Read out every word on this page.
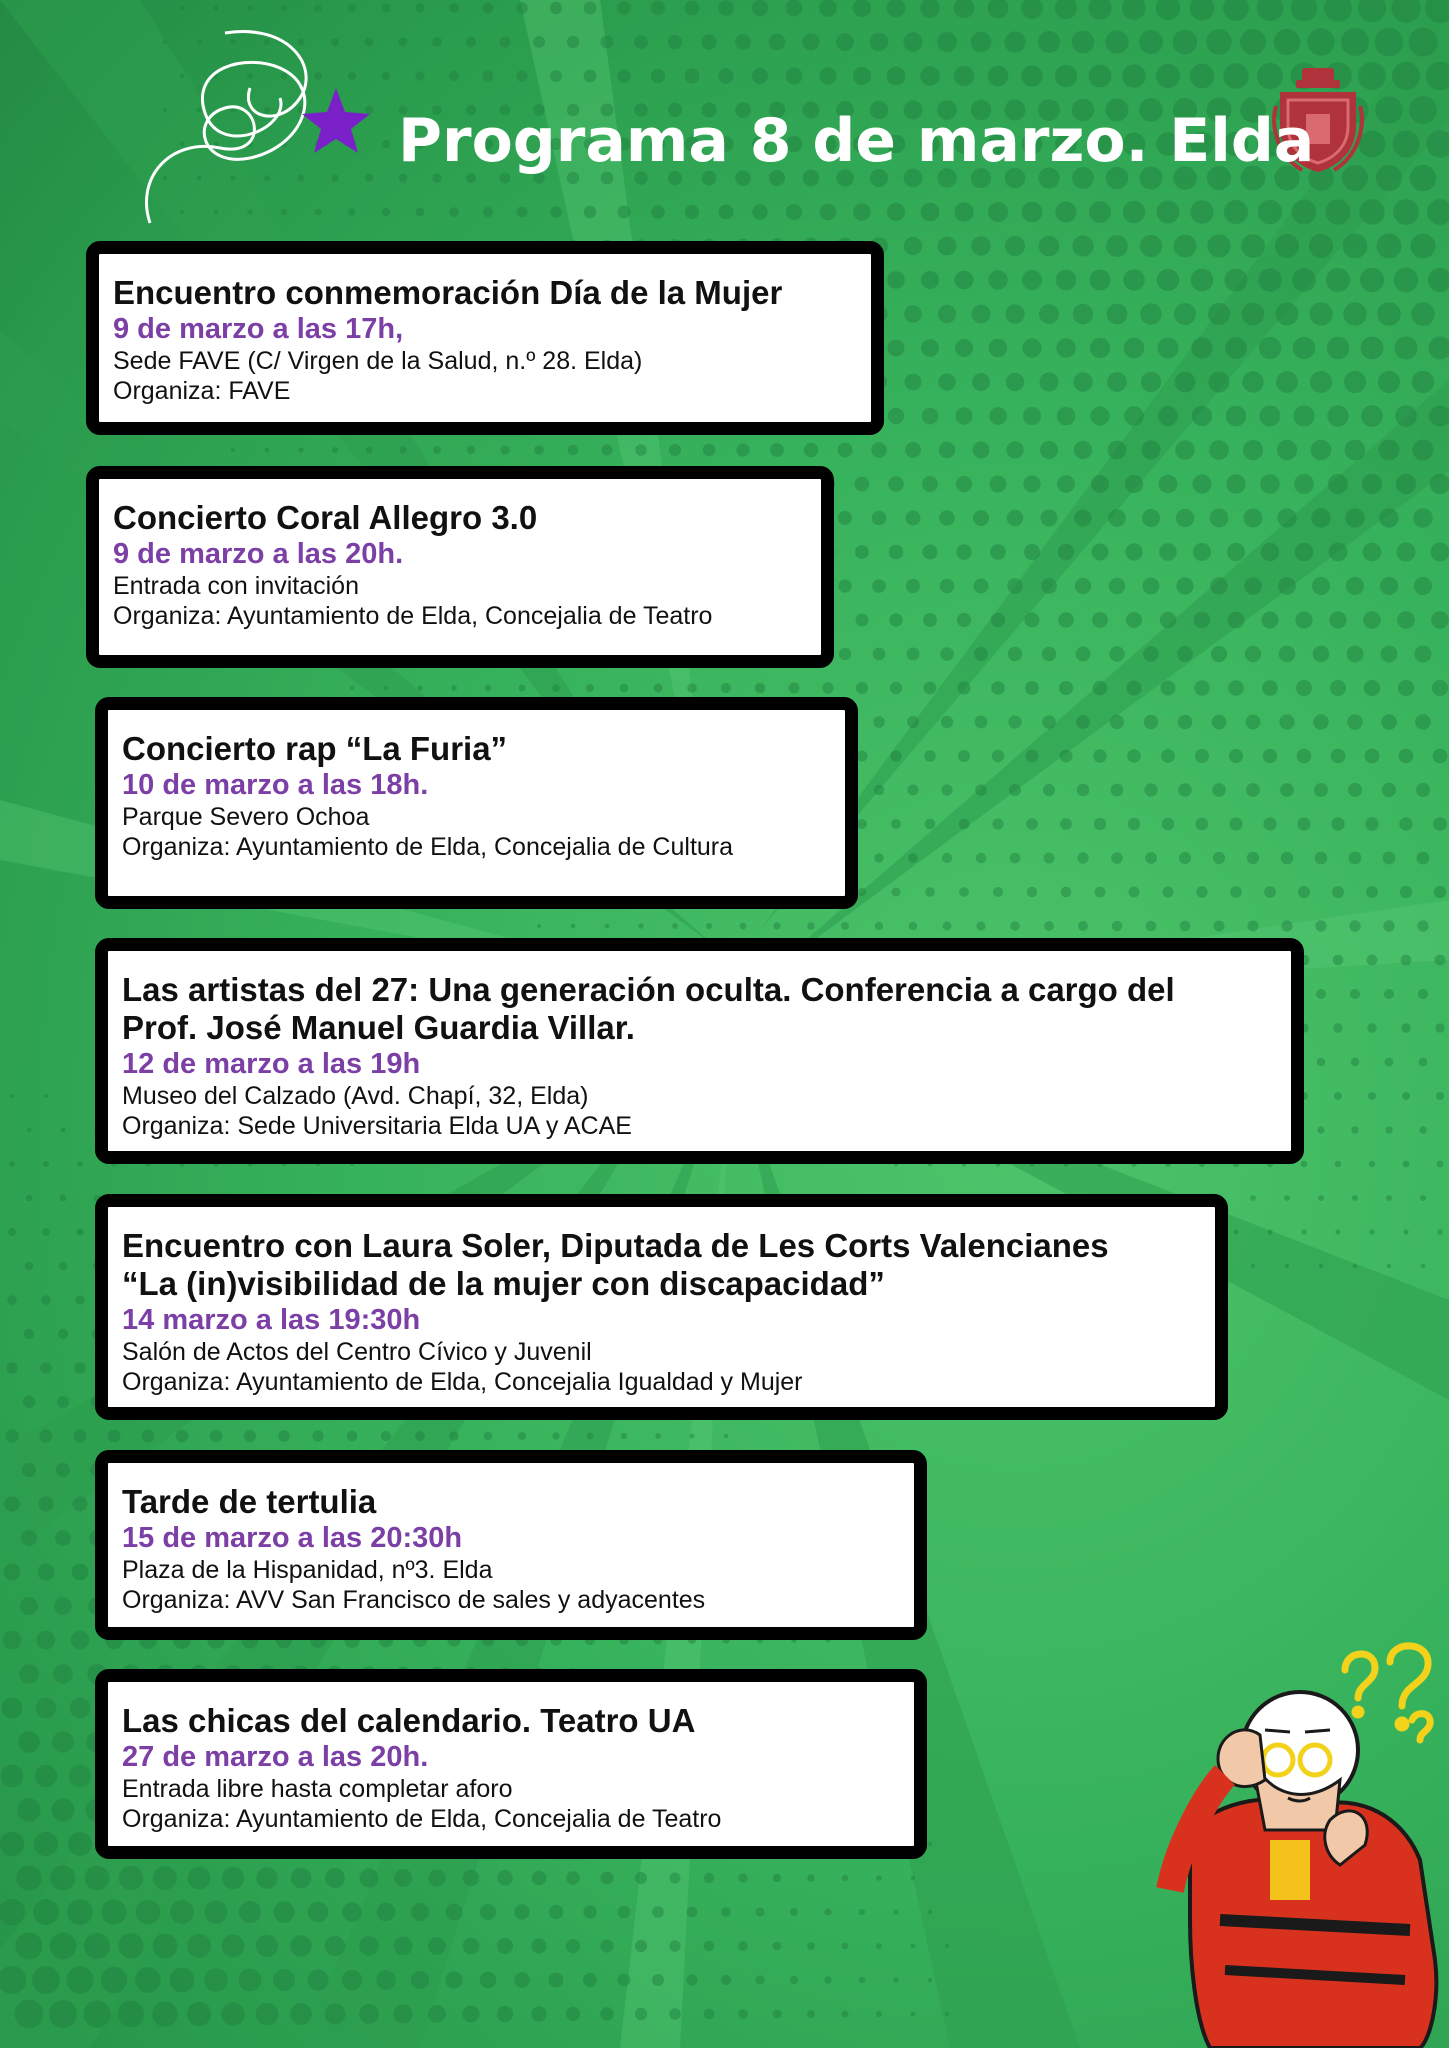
Programa 8 de marzo. Elda
Encuentro conmemoración Día de la Mujer
9 de marzo a las 17h,
Sede FAVE (C/ Virgen de la Salud, n.º 28. Elda)
Organiza: FAVE
Concierto Coral Allegro 3.0
9 de marzo a las 20h.
Entrada con invitación
Organiza: Ayuntamiento de Elda, Concejalia de Teatro
Concierto rap “La Furia”
10 de marzo a las 18h.
Parque Severo Ochoa
Organiza: Ayuntamiento de Elda, Concejalia de Cultura
Las artistas del 27: Una generación oculta. Conferencia a cargo del
Prof. José Manuel Guardia Villar.
12 de marzo a las 19h
Museo del Calzado (Avd. Chapí, 32, Elda)
Organiza: Sede Universitaria Elda UA y ACAE
Encuentro con Laura Soler, Diputada de Les Corts Valencianes
“La (in)visibilidad de la mujer con discapacidad”
14 marzo a las 19:30h
Salón de Actos del Centro Cívico y Juvenil
Organiza: Ayuntamiento de Elda, Concejalia Igualdad y Mujer
Tarde de tertulia
15 de marzo a las 20:30h
Plaza de la Hispanidad, nº3. Elda
Organiza: AVV San Francisco de sales y adyacentes
Las chicas del calendario. Teatro UA
27 de marzo a las 20h.
Entrada libre hasta completar aforo
Organiza: Ayuntamiento de Elda, Concejalia de Teatro
